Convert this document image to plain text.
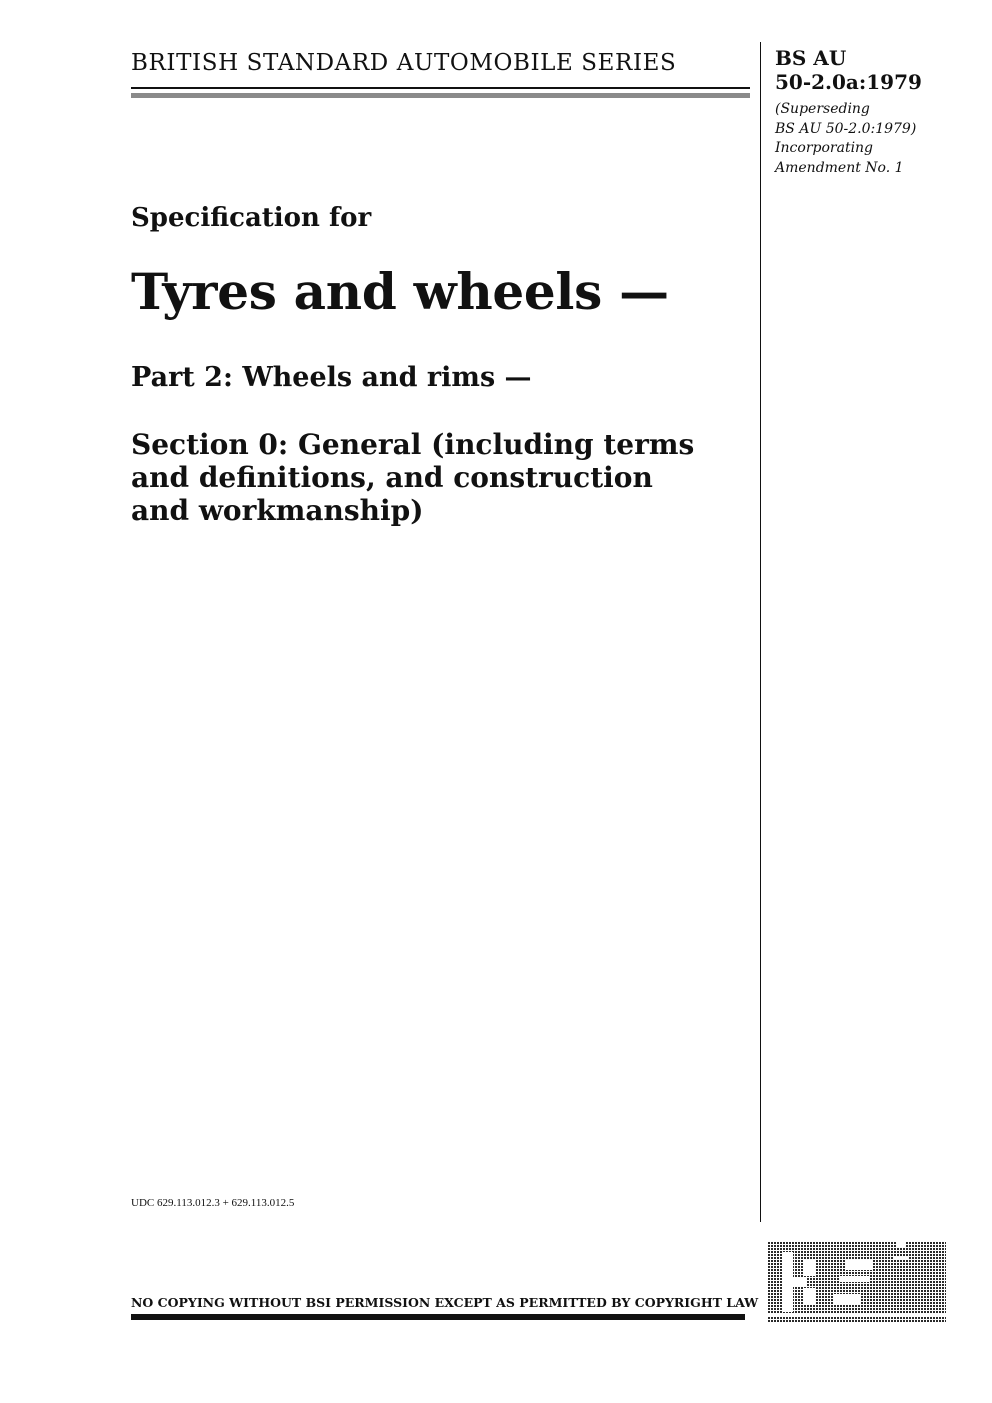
BRITISH STANDARD AUTOMOBILE SERIES	BS AU
50-2.0a:1979
(Superseding
BS AU 50-2.0:1979)
Incorporating
Amendment No. 1
Specification for
Tyres and wheels —
Part 2: Wheels and rims —
Section 0: General (including terms
and definitions, and construction
and workmanship)
UDC 629.113.012.3 + 629.113.012.5
NO COPYING WITHOUT BSI PERMISSION EXCEPT AS PERMITTED BY COPYRIGHT LAW
